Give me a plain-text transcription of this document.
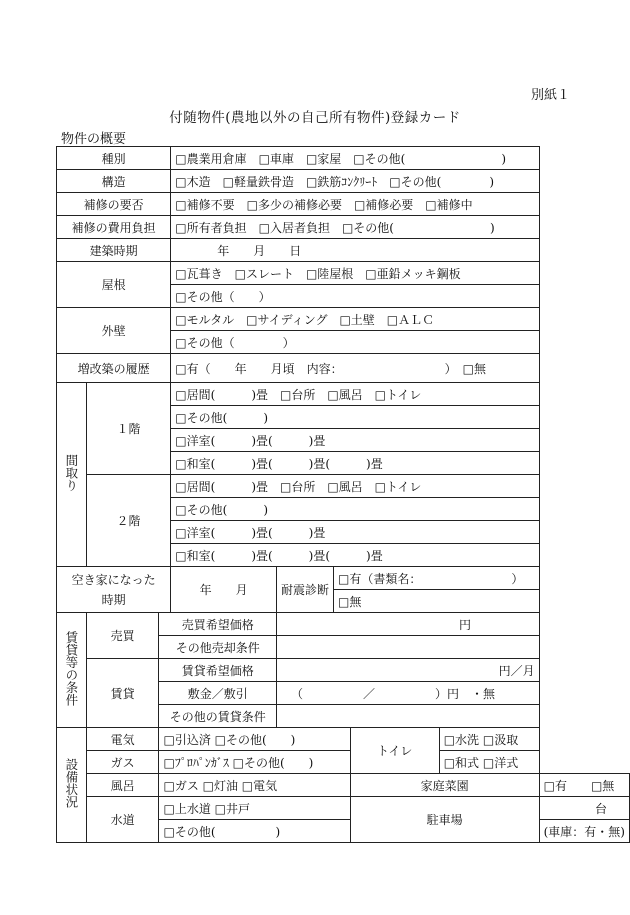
別紙１
付随物件(農地以外の自己所有物件)登録カード
物件の概要
種別			□農業用倉庫　□車庫　□家屋　□その他(　　　　　　　　)					
構造			□木造　□軽量鉄骨造　□鉄筋ｺﾝｸﾘｰﾄ　□その他(　　　　)					
補修の要否			□補修不要　□多少の補修必要　□補修必要　□補修中					
補修の費用負担			□所有者負担　□入居者負担　□その他(　　　　　　　　)					
建築時期			年　　月　　日					
屋根			□瓦葺き　□スレート　□陸屋根　□亜鉛メッキ鋼板					
			□その他（　　）					
外壁			□モルタル　□サイディング　□土壁　□ＡＬＣ					
			□その他（　　　　）					
増改築の履歴			□有（　　年　　月頃　内容：　　　　　　　　　）　□無					
間取り	１階		□居間(　　　)畳　□台所　□風呂　□トイレ					
			□その他(　　　)					
			□洋室(　　　)畳(　　　)畳					
			□和室(　　　)畳(　　　)畳(　　　)畳					
	２階		□居間(　　　)畳　□台所　□風呂　□トイレ					
			□その他(　　　)					
			□洋室(　　　)畳(　　　)畳					
			□和室(　　　)畳(　　　)畳(　　　)畳					
空き家になった
時期			年　　月	耐震診断	□有（書類名：　　　　　　　　）			
					□無			
賃貸等の条件	売買	売買希望価格		円				
		その他売却条件						
	賃貸	賃貸希望価格		円／月				
		敷金／敷引		（　　　　　／　　　　　）円　・無				
		その他の賃貸条件						
設備状況	電気	□引込済 □その他(　　)				トイレ	□水洗 □汲取	
	ガス	□ﾌﾟﾛﾊﾟﾝｶﾞｽ □その他(　　)					□和式 □洋式	
	風呂	□ガス □灯油 □電気				家庭菜園		□有　　□無
	水道	□上水道 □井戸				駐車場		台
		□その他(　　　　　)						(車庫：有・無)
